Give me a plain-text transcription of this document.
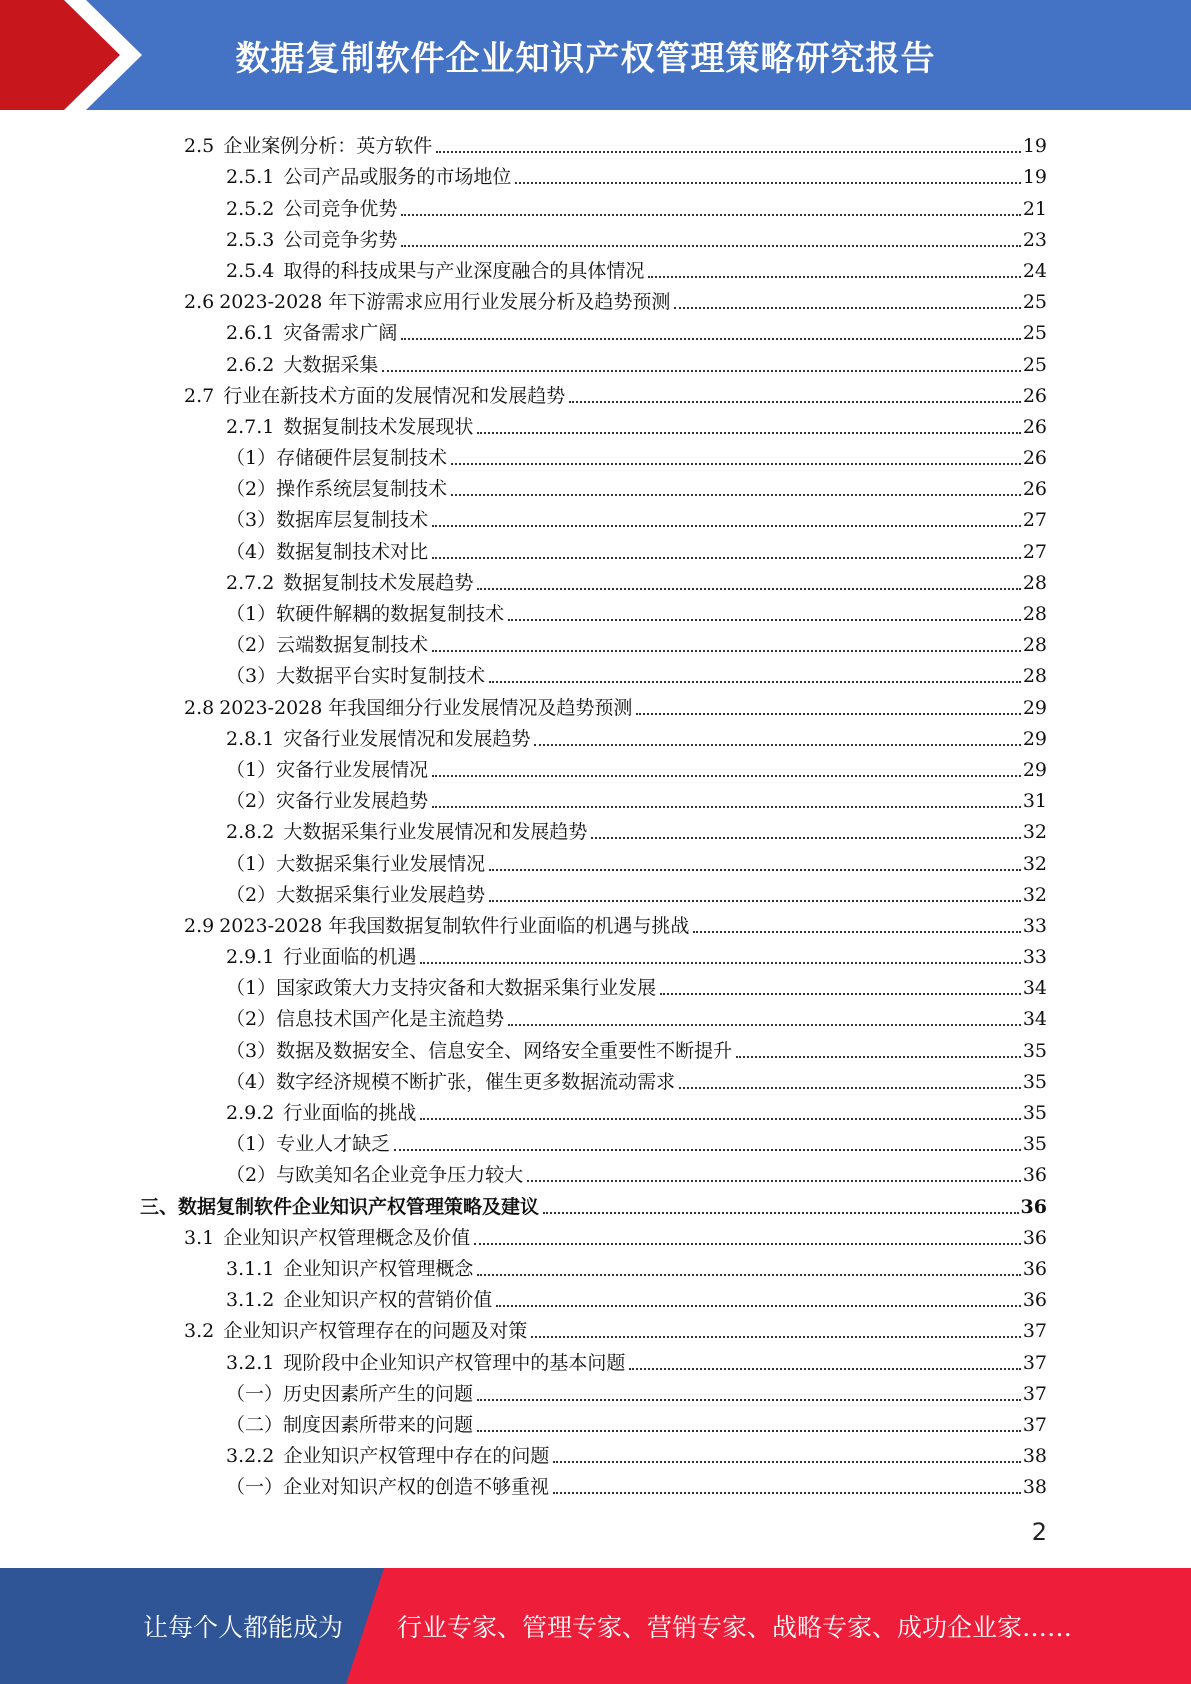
数据复制软件企业知识产权管理策略研究报告
2.5 企业案例分析：英方软件	19
2.5.1 公司产品或服务的市场地位	19
2.5.2 公司竞争优势	21
2.5.3 公司竞争劣势	23
2.5.4 取得的科技成果与产业深度融合的具体情况	24
2.6 2023-2028 年下游需求应用行业发展分析及趋势预测	25
2.6.1 灾备需求广阔	25
2.6.2 大数据采集	25
2.7 行业在新技术方面的发展情况和发展趋势	26
2.7.1 数据复制技术发展现状	26
（1） 存储硬件层复制技术	26
（2） 操作系统层复制技术	26
（3） 数据库层复制技术	27
（4） 数据复制技术对比	27
2.7.2 数据复制技术发展趋势	28
（1） 软硬件解耦的数据复制技术	28
（2） 云端数据复制技术	28
（3） 大数据平台实时复制技术	28
2.8 2023-2028 年我国细分行业发展情况及趋势预测	29
2.8.1 灾备行业发展情况和发展趋势	29
（1） 灾备行业发展情况	29
（2） 灾备行业发展趋势	31
2.8.2 大数据采集行业发展情况和发展趋势	32
（1） 大数据采集行业发展情况	32
（2） 大数据采集行业发展趋势	32
2.9 2023-2028 年我国数据复制软件行业面临的机遇与挑战	33
2.9.1 行业面临的机遇	33
（1） 国家政策大力支持灾备和大数据采集行业发展	34
（2） 信息技术国产化是主流趋势	34
（3） 数据及数据安全、信息安全、网络安全重要性不断提升	35
（4） 数字经济规模不断扩张，催生更多数据流动需求	35
2.9.2 行业面临的挑战	35
（1） 专业人才缺乏	35
（2） 与欧美知名企业竞争压力较大	36
三、 数据复制软件企业知识产权管理策略及建议	36
3.1 企业知识产权管理概念及价值	36
3.1.1 企业知识产权管理概念	36
3.1.2 企业知识产权的营销价值	36
3.2 企业知识产权管理存在的问题及对策	37
3.2.1 现阶段中企业知识产权管理中的基本问题	37
（一） 历史因素所产生的问题	37
（二） 制度因素所带来的问题	37
3.2.2 企业知识产权管理中存在的问题	38
（一） 企业对知识产权的创造不够重视	38
2
让每个人都能成为 行业专家、管理专家、营销专家、战略专家、成功企业家……
